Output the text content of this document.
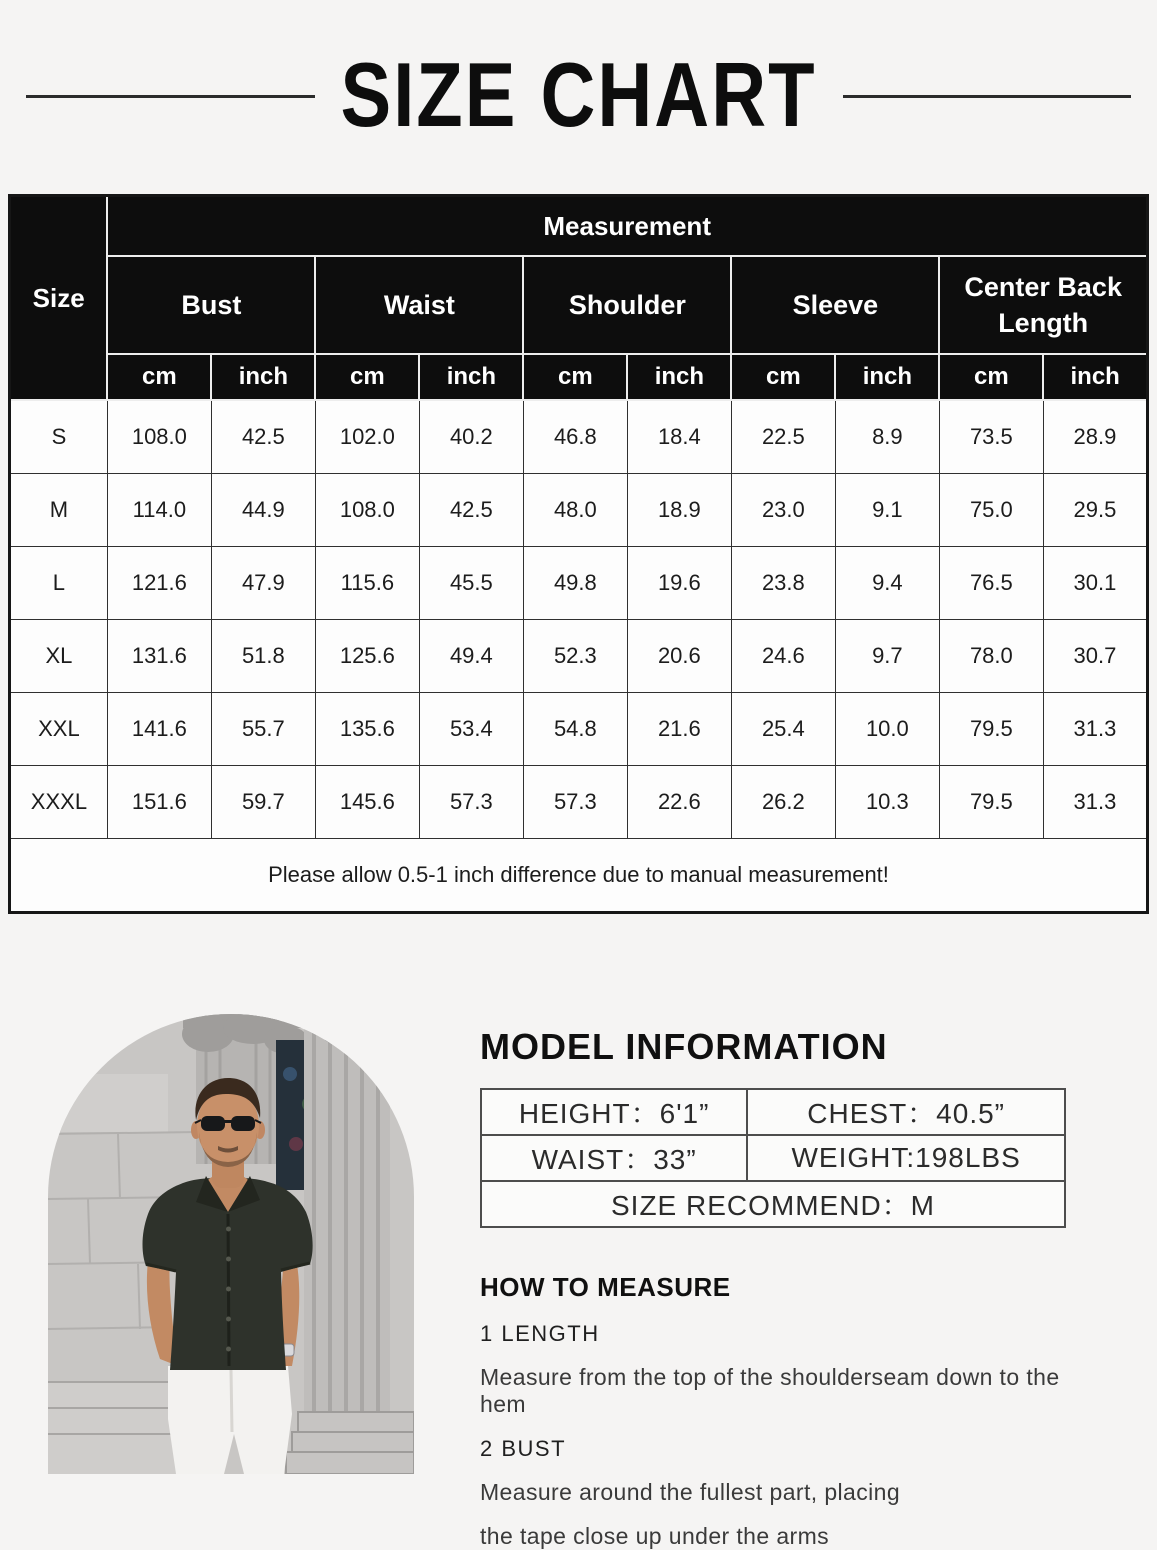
SIZE CHART
Size	Measurement									
	Bust		Waist		Shoulder		Sleeve		Center Back Length	
	cm	inch	cm	inch	cm	inch	cm	inch	cm	inch
S	108.0	42.5	102.0	40.2	46.8	18.4	22.5	8.9	73.5	28.9
M	114.0	44.9	108.0	42.5	48.0	18.9	23.0	9.1	75.0	29.5
L	121.6	47.9	115.6	45.5	49.8	19.6	23.8	9.4	76.5	30.1
XL	131.6	51.8	125.6	49.4	52.3	20.6	24.6	9.7	78.0	30.7
XXL	141.6	55.7	135.6	53.4	54.8	21.6	25.4	10.0	79.5	31.3
XXXL	151.6	59.7	145.6	57.3	57.3	22.6	26.2	10.3	79.5	31.3
Please allow 0.5-1 inch difference due to manual measurement!										
MODEL INFORMATION
HEIGHT：6'1”	CHEST：40.5”
WAIST：33”	WEIGHT:198LBS
SIZE RECOMMEND：M	
HOW TO MEASURE
1 LENGTH
Measure from the top of the shoulderseam down to the hem
2 BUST
Measure around the fullest part, placing
the tape close up under the arms
